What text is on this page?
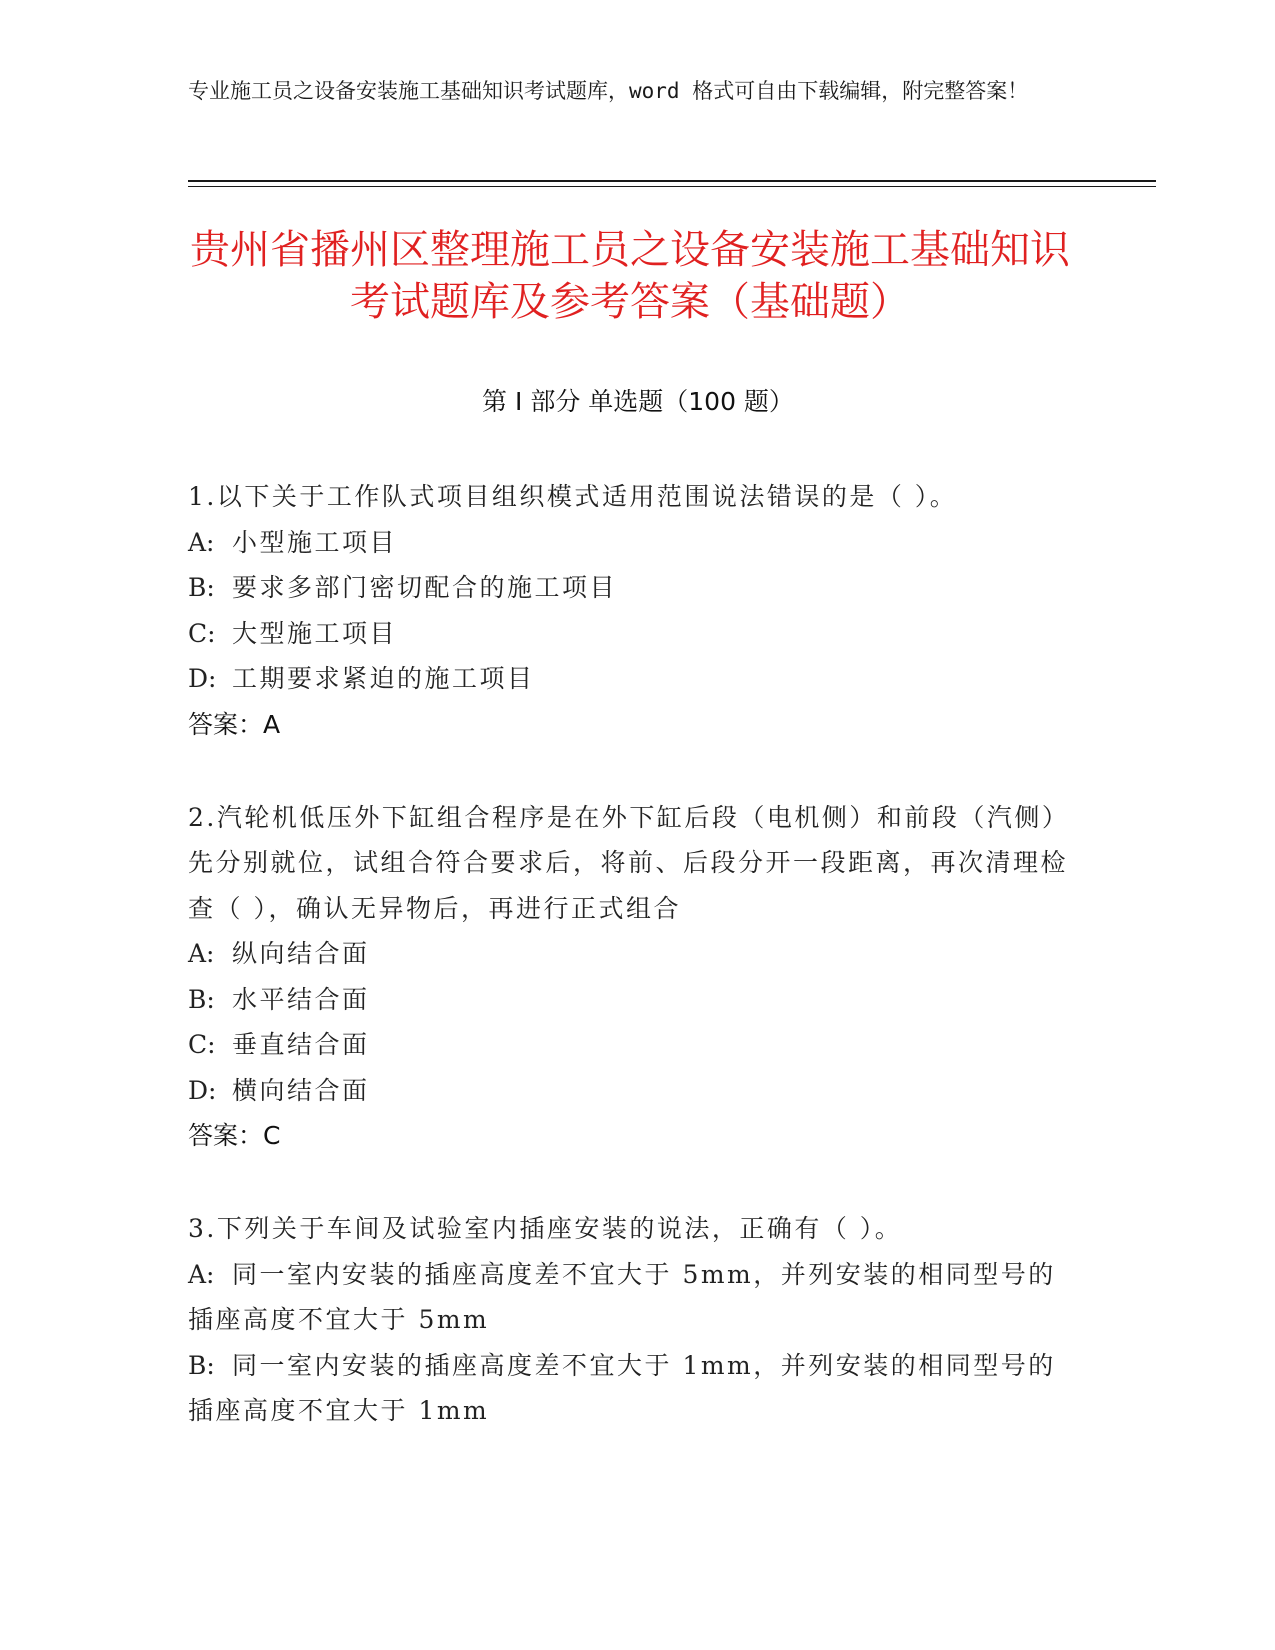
专业施工员之设备安装施工基础知识考试题库，word 格式可自由下载编辑，附完整答案！
贵州省播州区整理施工员之设备安装施工基础知识考试题库及参考答案（基础题）
第 I 部分 单选题（100 题）
1.以下关于工作队式项目组织模式适用范围说法错误的是（ ）。
A: 小型施工项目
B: 要求多部门密切配合的施工项目
C: 大型施工项目
D: 工期要求紧迫的施工项目
答案：A
2.汽轮机低压外下缸组合程序是在外下缸后段（电机侧）和前段（汽侧）先分别就位，试组合符合要求后，将前、后段分开一段距离，再次清理检查（ ），确认无异物后，再进行正式组合
A: 纵向结合面
B: 水平结合面
C: 垂直结合面
D: 横向结合面
答案：C
3.下列关于车间及试验室内插座安装的说法，正确有（ ）。
A: 同一室内安装的插座高度差不宜大于 5mm，并列安装的相同型号的插座高度不宜大于 5mm
B: 同一室内安装的插座高度差不宜大于 1mm，并列安装的相同型号的插座高度不宜大于 1mm
